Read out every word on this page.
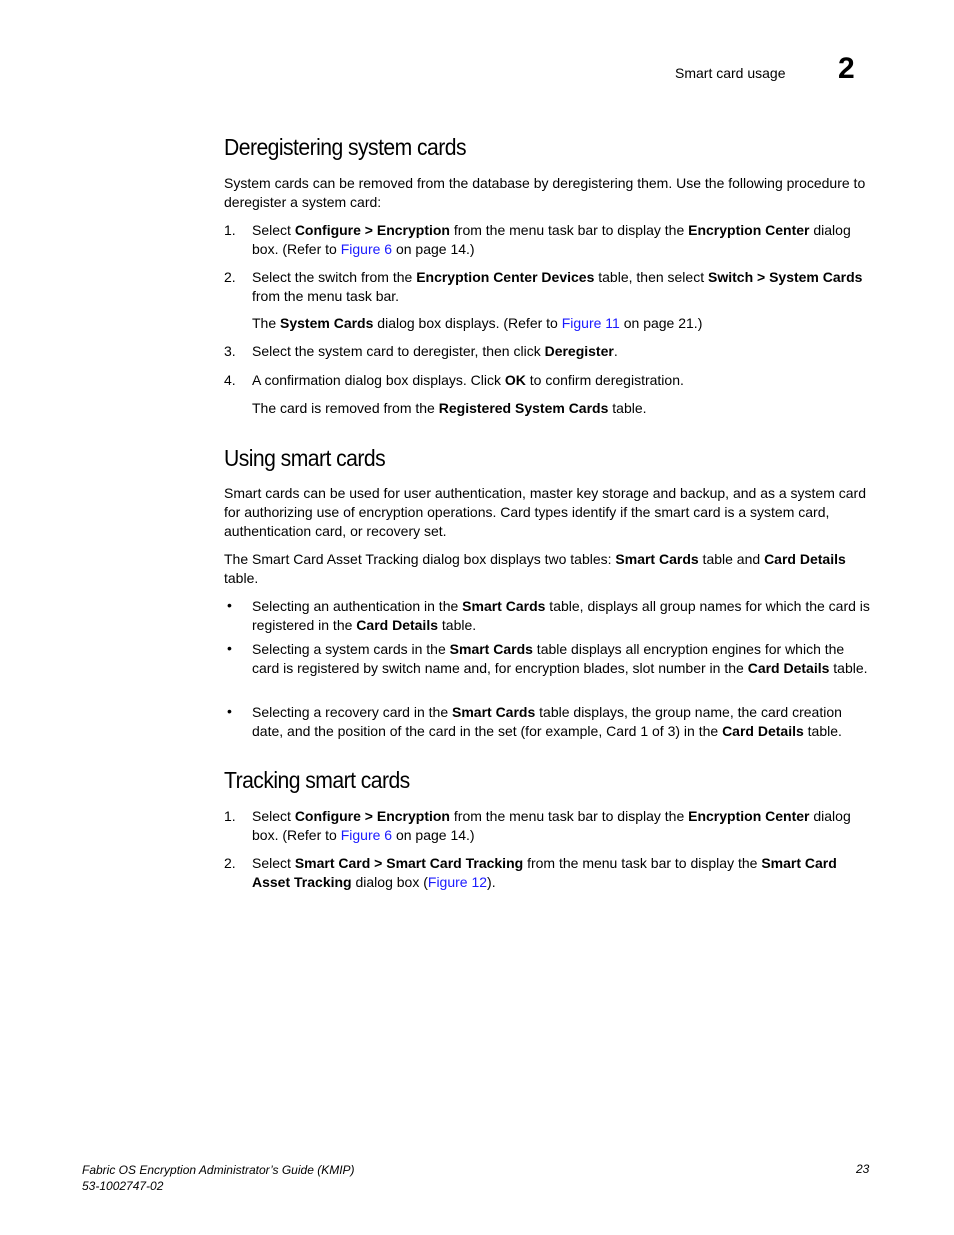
Smart card usage 2
Deregistering system cards

System cards can be removed from the database by deregistering them. Use the following procedure to deregister a system card:

1. Select Configure > Encryption from the menu task bar to display the Encryption Center dialog box. (Refer to Figure 6 on page 14.)
2. Select the switch from the Encryption Center Devices table, then select Switch > System Cards from the menu task bar.

The System Cards dialog box displays. (Refer to Figure 11 on page 21.)

3. Select the system card to deregister, then click Deregister.
4. A confirmation dialog box displays. Click OK to confirm deregistration.

The card is removed from the Registered System Cards table.

Using smart cards

Smart cards can be used for user authentication, master key storage and backup, and as a system card for authorizing use of encryption operations. Card types identify if the smart card is a system card, authentication card, or recovery set.

The Smart Card Asset Tracking dialog box displays two tables: Smart Cards table and Card Details table.

• Selecting an authentication in the Smart Cards table, displays all group names for which the card is registered in the Card Details table.
• Selecting a system cards in the Smart Cards table displays all encryption engines for which the card is registered by switch name and, for encryption blades, slot number in the Card Details table.
• Selecting a recovery card in the Smart Cards table displays, the group name, the card creation date, and the position of the card in the set (for example, Card 1 of 3) in the Card Details table.
Tracking smart cards
1. Select Configure > Encryption from the menu task bar to display the Encryption Center dialog box. (Refer to Figure 6 on page 14.)
2. Select Smart Card > Smart Card Tracking from the menu task bar to display the Smart Card Asset Tracking dialog box (Figure 12).
Fabric OS Encryption Administrator’s Guide (KMIP)
53-1002747-02
23
